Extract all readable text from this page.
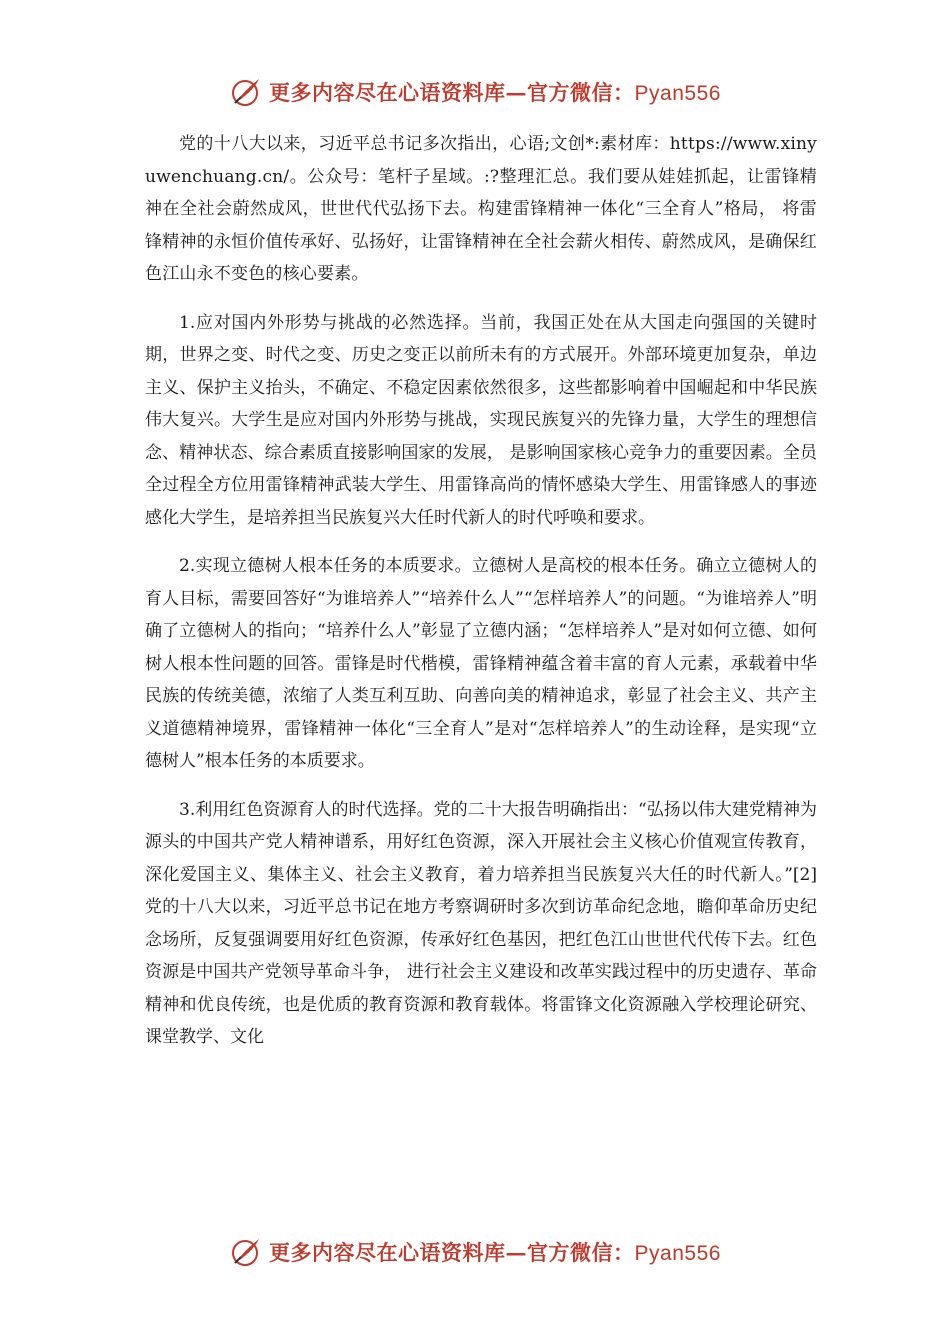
更多内容尽在心语资料库—官方微信：Pyan556

党的十八大以来，习近平总书记多次指出，心语;文创*:素材库：https://www.xinyuwenchuang.cn/。公众号：笔杆子星域。:?整理汇总。我们要从娃娃抓起，让雷锋精神在全社会蔚然成风，世世代代弘扬下去。构建雷锋精神一体化“三全育人”格局， 将雷锋精神的永恒价值传承好、弘扬好，让雷锋精神在全社会薪火相传、蔚然成风，是确保红色江山永不变色的核心要素。

1.应对国内外形势与挑战的必然选择。当前，我国正处在从大国走向强国的关键时期，世界之变、时代之变、历史之变正以前所未有的方式展开。外部环境更加复杂，单边主义、保护主义抬头，不确定、不稳定因素依然很多，这些都影响着中国崛起和中华民族伟大复兴。大学生是应对国内外形势与挑战，实现民族复兴的先锋力量，大学生的理想信念、精神状态、综合素质直接影响国家的发展， 是影响国家核心竞争力的重要因素。全员全过程全方位用雷锋精神武装大学生、用雷锋高尚的情怀感染大学生、用雷锋感人的事迹感化大学生，是培养担当民族复兴大任时代新人的时代呼唤和要求。

2.实现立德树人根本任务的本质要求。立德树人是高校的根本任务。确立立德树人的育人目标，需要回答好“为谁培养人”“培养什么人”“怎样培养人”的问题。“为谁培养人”明确了立德树人的指向；“培养什么人”彰显了立德内涵；“怎样培养人”是对如何立德、如何树人根本性问题的回答。雷锋是时代楷模，雷锋精神蕴含着丰富的育人元素，承载着中华民族的传统美德，浓缩了人类互利互助、向善向美的精神追求，彰显了社会主义、共产主义道德精神境界，雷锋精神一体化“三全育人”是对“怎样培养人”的生动诠释，是实现“立德树人”根本任务的本质要求。

3.利用红色资源育人的时代选择。党的二十大报告明确指出：“弘扬以伟大建党精神为源头的中国共产党人精神谱系，用好红色资源，深入开展社会主义核心价值观宣传教育，深化爱国主义、集体主义、社会主义教育，着力培养担当民族复兴大任的时代新人。”[2] 党的十八大以来，习近平总书记在地方考察调研时多次到访革命纪念地，瞻仰革命历史纪念场所，反复强调要用好红色资源，传承好红色基因，把红色江山世世代代传下去。红色资源是中国共产党领导革命斗争， 进行社会主义建设和改革实践过程中的历史遗存、革命精神和优良传统，也是优质的教育资源和教育载体。将雷锋文化资源融入学校理论研究、课堂教学、文化

更多内容尽在心语资料库—官方微信：Pyan556
